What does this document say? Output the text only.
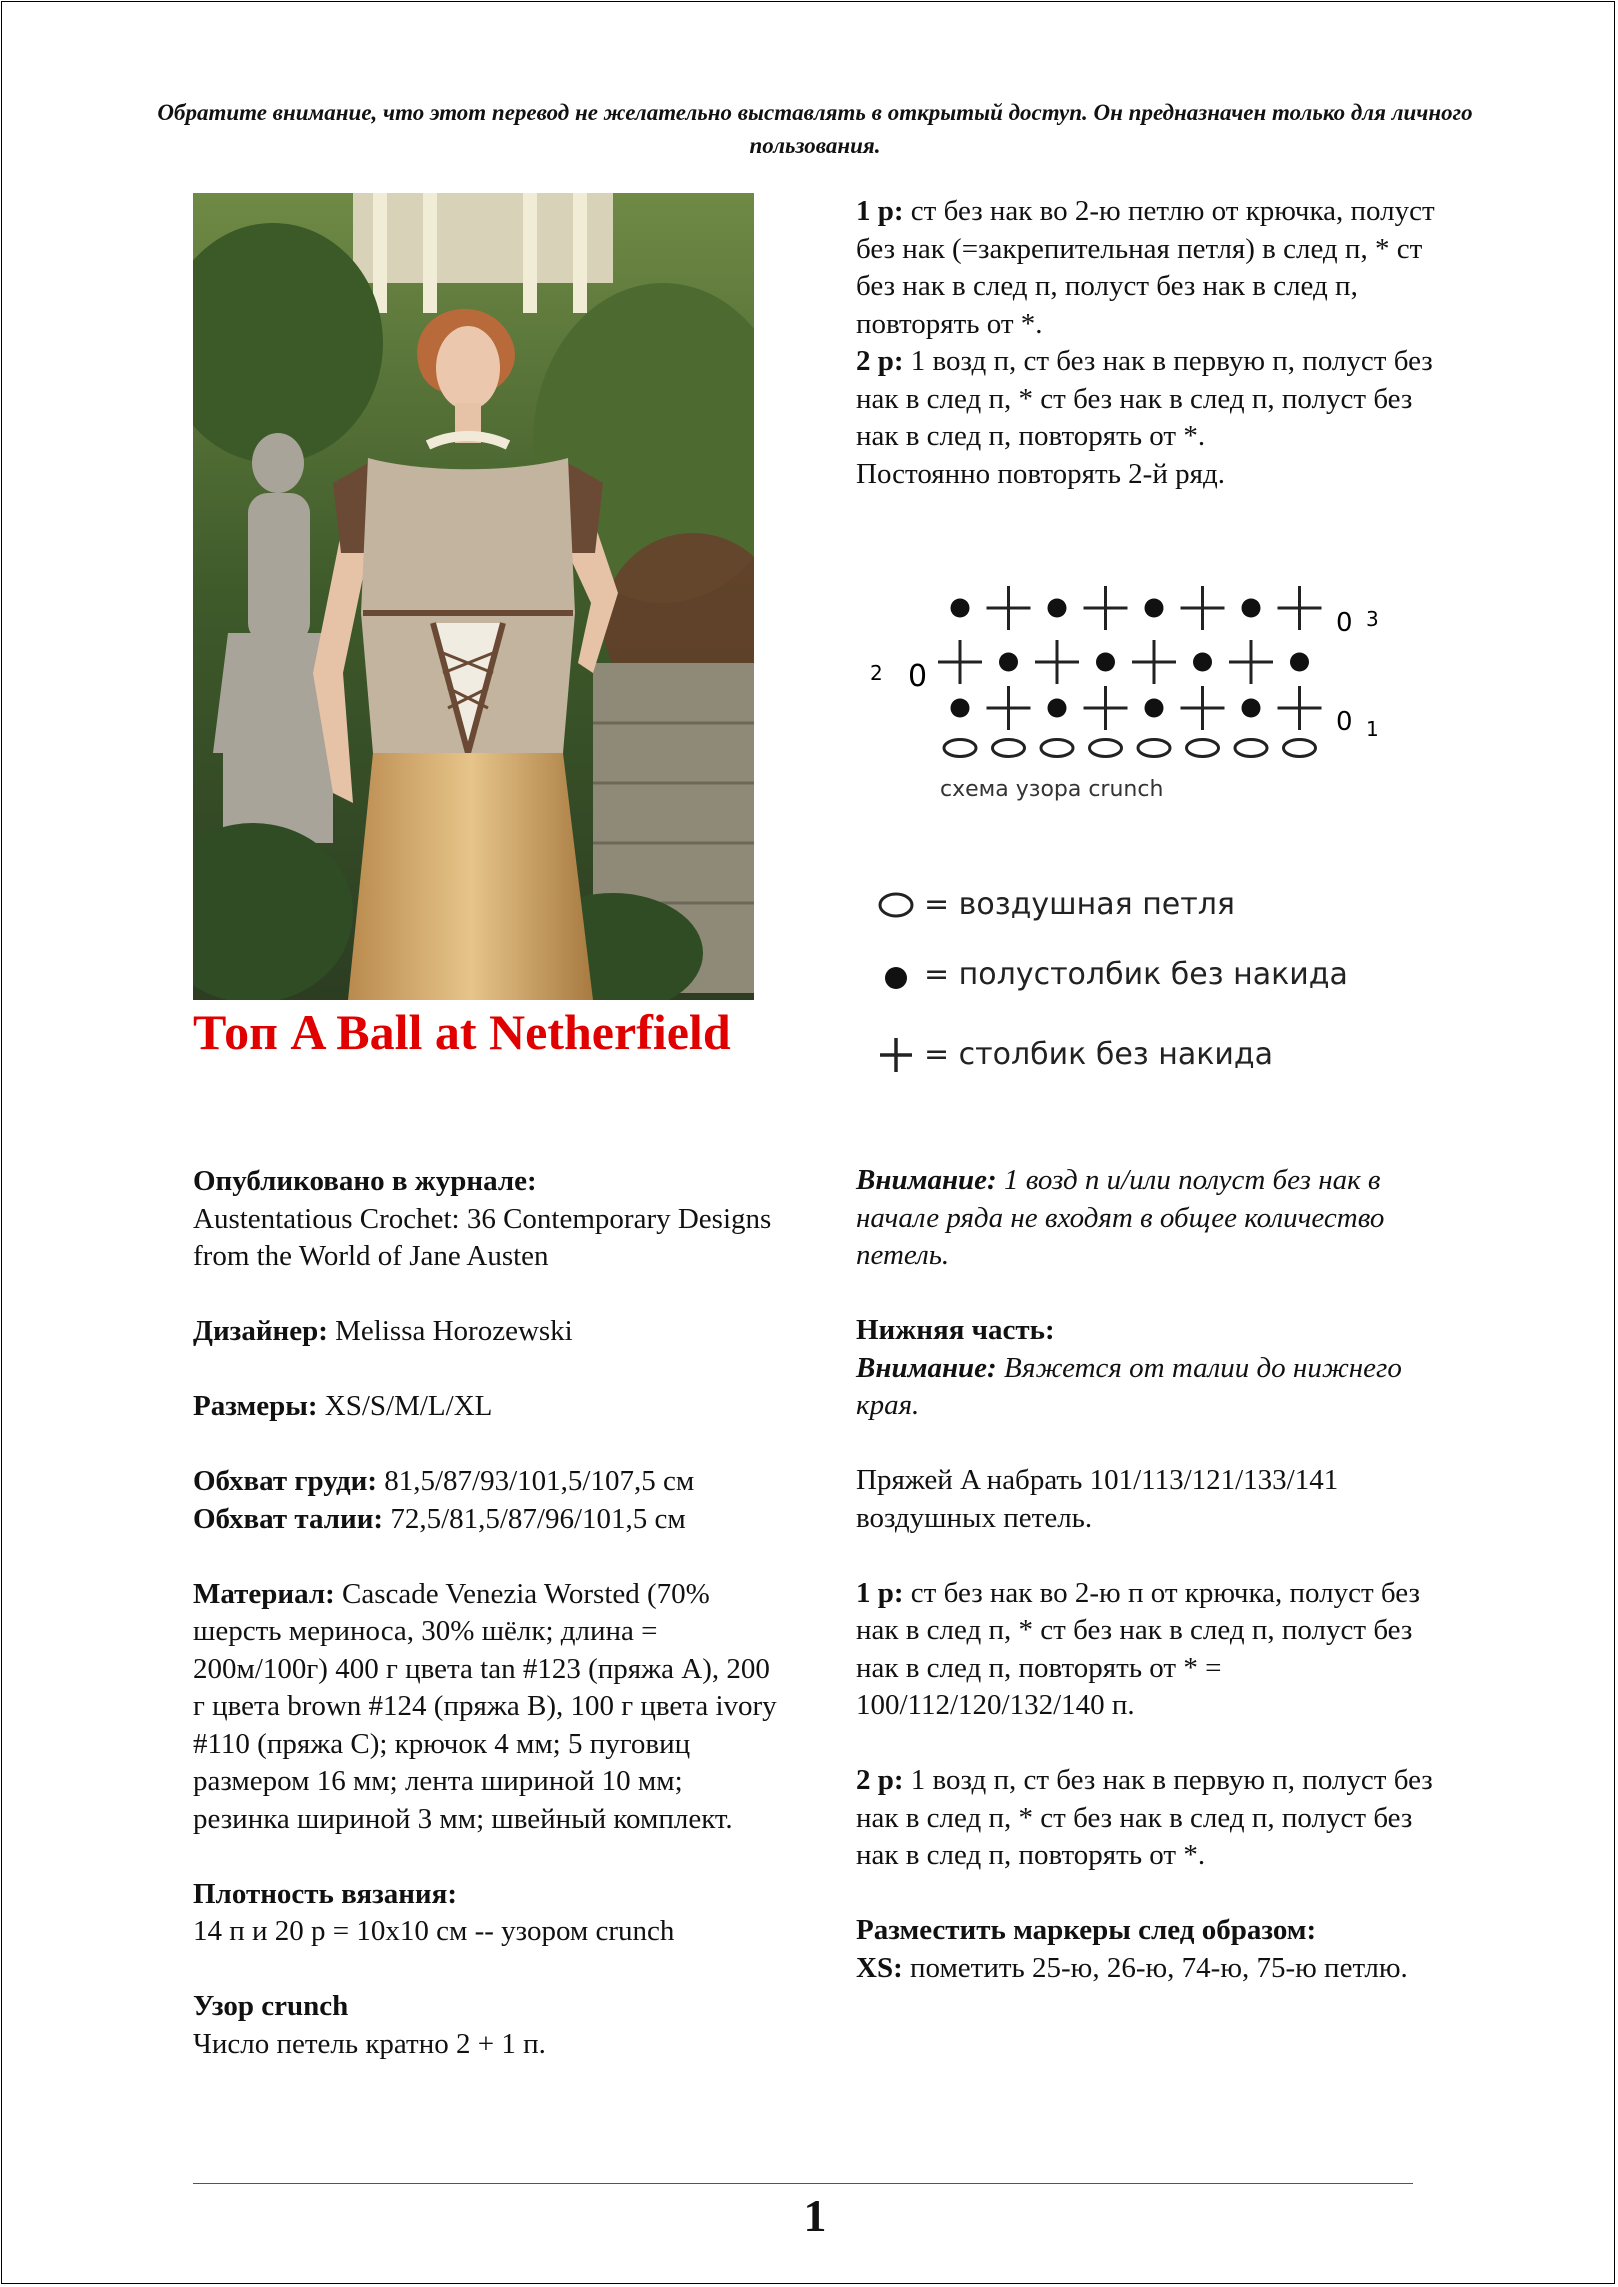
Обратите внимание, что этот перевод не желательно выставлять в открытый доступ. Он предназначен только для личного пользования.
Топ A Ball at Netherfield

Опубликовано в журнале:
Austentatious Crochet: 36 Contemporary Designs from the World of Jane Austen

Дизайнер: Melissa Horozewski

Размеры: XS/S/M/L/XL

Обхват груди: 81,5/87/93/101,5/107,5 см

Обхват талии: 72,5/81,5/87/96/101,5 см

Материал: Cascade Venezia Worsted (70% шерсть мериноса, 30% шёлк; длина = 200м/100г) 400 г цвета tan #123 (пряжа A), 200 г цвета brown #124 (пряжа B), 100 г цвета ivory #110 (пряжа C); крючок 4 мм; 5 пуговиц размером 16 мм; лента шириной 10 мм; резинка шириной 3 мм; швейный комплект.

Плотность вязания:
14 п и 20 р = 10х10 см -- узором crunch

Узор crunch
Число петель кратно 2 + 1 п.

1 р: ст без нак во 2-ю петлю от крючка, полуст без нак (=закрепительная петля) в след п, * ст без нак в след п, полуст без нак в след п, повторять от *.

2 р: 1 возд п, ст без нак в первую п, полуст без нак в след п, * ст без нак в след п, полуст без нак в след п, повторять от *.

Постоянно повторять 2-й ряд.

0 3
2 0
0 1
схема узора crunch
= воздушная петля
= полустолбик без накида
= столбик без накида

Внимание: 1 возд п и/или полуст без нак в начале ряда не входят в общее количество петель.

Нижняя часть:

Внимание: Вяжется от талии до нижнего края.

Пряжей A набрать 101/113/121/133/141 воздушных петель.

1 р: ст без нак во 2-ю п от крючка, полуст без нак в след п, * ст без нак в след п, полуст без нак в след п, повторять от * = 100/112/120/132/140 п.

2 р: 1 возд п, ст без нак в первую п, полуст без нак в след п, * ст без нак в след п, полуст без нак в след п, повторять от *.

Разместить маркеры след образом:

XS: пометить 25-ю, 26-ю, 74-ю, 75-ю петлю.

1
